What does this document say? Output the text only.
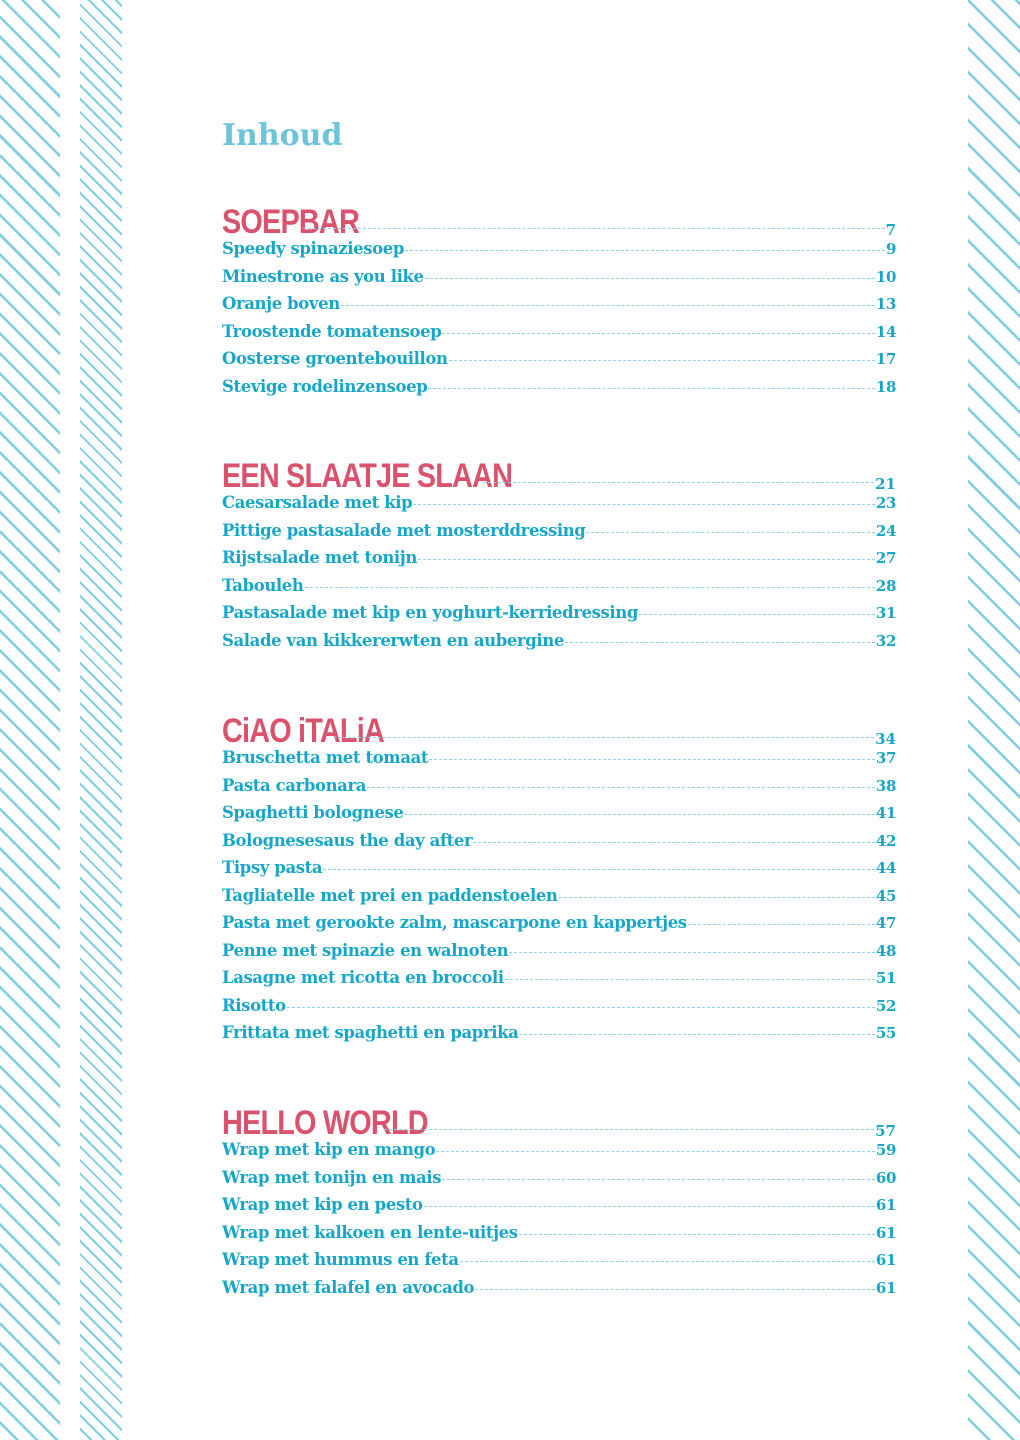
Inhoud
SOEPBAR	7
Speedy spinaziesoep	9
Minestrone as you like	10
Oranje boven	13
Troostende tomatensoep	14
Oosterse groentebouillon	17
Stevige rodelinzensoep	18
EEN SLAATJE SLAAN	21
Caesarsalade met kip	23
Pittige pastasalade met mosterddressing	24
Rijstsalade met tonijn	27
Tabouleh	28
Pastasalade met kip en yoghurt-kerriedressing	31
Salade van kikkererwten en aubergine	32
CiAO iTALiA	34
Bruschetta met tomaat	37
Pasta carbonara	38
Spaghetti bolognese	41
Bolognesesaus the day after	42
Tipsy pasta	44
Tagliatelle met prei en paddenstoelen	45
Pasta met gerookte zalm, mascarpone en kappertjes	47
Penne met spinazie en walnoten	48
Lasagne met ricotta en broccoli	51
Risotto	52
Frittata met spaghetti en paprika	55
HELLO WORLD	57
Wrap met kip en mango	59
Wrap met tonijn en mais	60
Wrap met kip en pesto	61
Wrap met kalkoen en lente-uitjes	61
Wrap met hummus en feta	61
Wrap met falafel en avocado	61
